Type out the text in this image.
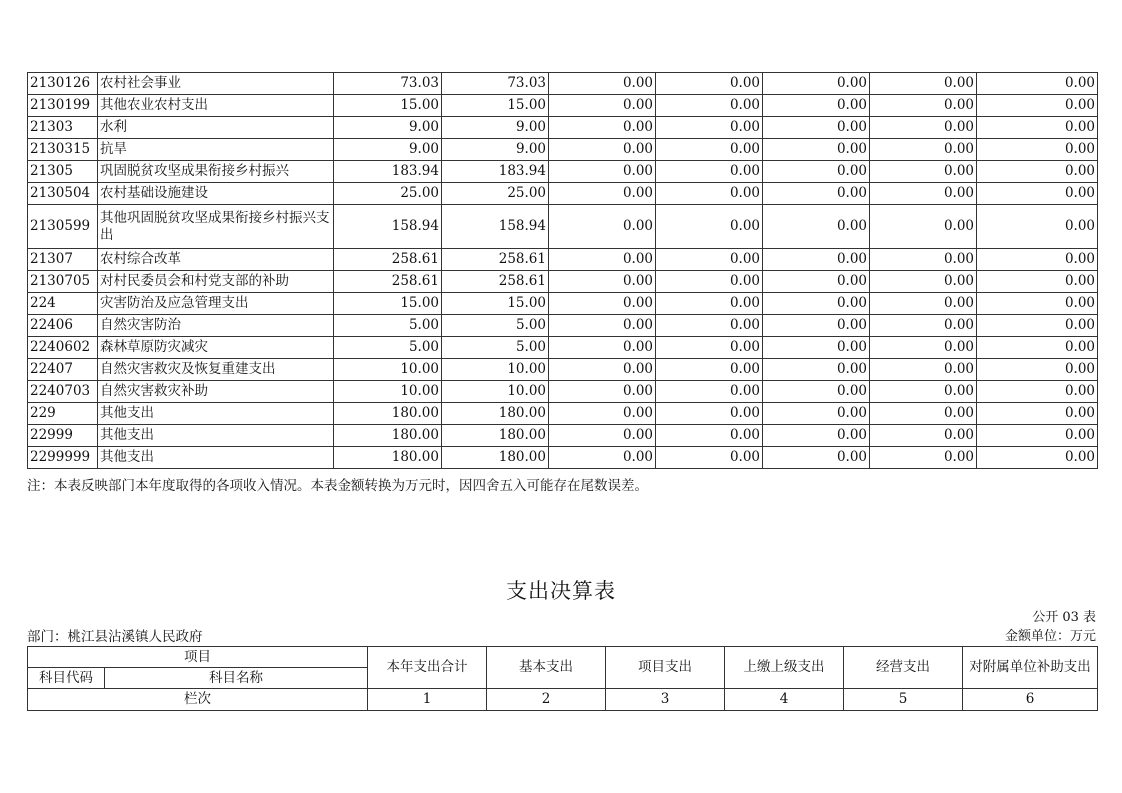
2130126	农村社会事业	73.03	73.03	0.00	0.00	0.00	0.00	0.00
2130199	其他农业农村支出	15.00	15.00	0.00	0.00	0.00	0.00	0.00
21303	水利	9.00	9.00	0.00	0.00	0.00	0.00	0.00
2130315	抗旱	9.00	9.00	0.00	0.00	0.00	0.00	0.00
21305	巩固脱贫攻坚成果衔接乡村振兴	183.94	183.94	0.00	0.00	0.00	0.00	0.00
2130504	农村基础设施建设	25.00	25.00	0.00	0.00	0.00	0.00	0.00
2130599	其他巩固脱贫攻坚成果衔接乡村振兴支出	158.94	158.94	0.00	0.00	0.00	0.00	0.00
21307	农村综合改革	258.61	258.61	0.00	0.00	0.00	0.00	0.00
2130705	对村民委员会和村党支部的补助	258.61	258.61	0.00	0.00	0.00	0.00	0.00
224	灾害防治及应急管理支出	15.00	15.00	0.00	0.00	0.00	0.00	0.00
22406	自然灾害防治	5.00	5.00	0.00	0.00	0.00	0.00	0.00
2240602	森林草原防灾减灾	5.00	5.00	0.00	0.00	0.00	0.00	0.00
22407	自然灾害救灾及恢复重建支出	10.00	10.00	0.00	0.00	0.00	0.00	0.00
2240703	自然灾害救灾补助	10.00	10.00	0.00	0.00	0.00	0.00	0.00
229	其他支出	180.00	180.00	0.00	0.00	0.00	0.00	0.00
22999	其他支出	180.00	180.00	0.00	0.00	0.00	0.00	0.00
2299999	其他支出	180.00	180.00	0.00	0.00	0.00	0.00	0.00
注：本表反映部门本年度取得的各项收入情况。本表金额转换为万元时，因四舍五入可能存在尾数误差。
支出决算表
公开 03 表
部门：桃江县沾溪镇人民政府	金额单位：万元
项目		本年支出合计	基本支出	项目支出	上缴上级支出	经营支出	对附属单位补助支出
科目代码	科目名称						
栏次		1	2	3	4	5	6
